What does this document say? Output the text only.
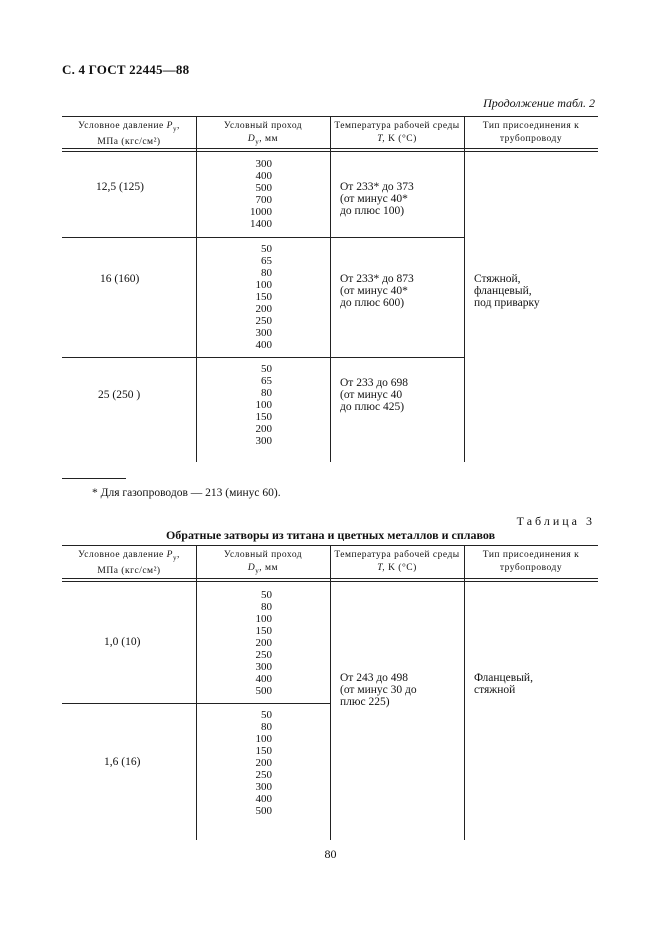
С. 4 ГОСТ 22445—88
Продолжение табл. 2
Условное давление $P_y$,
МПа (кгс/см²)
Условный проход
$D_y$, мм
Температура рабочей среды
T, K (°C)
Тип присоединения к
трубопроводу
12,5 (125)
300
400
500
700
1000
1400
От 233* до 373
(от минус 40*
до плюс 100)
16 (160)
50
65
80
100
150
200
250
300
400
От 233* до 873
(от минус 40*
до плюс 600)
Стяжной,
фланцевый,
под приварку
25 (250 )
50
65
80
100
150
200
300
От 233 до 698
(от минус 40
до плюс 425)
* Для газопроводов — 213 (минус 60).
Таблица 3
Обратные затворы из титана и цветных металлов и сплавов
Условное давление $P_y$,
МПа (кгс/см²)
Условный проход
$D_y$, мм
Температура рабочей среды
T, K (°C)
Тип присоединения к
трубопроводу
1,0 (10)
50
80
100
150
200
250
300
400
500
От 243 до 498
(от минус 30 до
плюс 225)
Фланцевый,
стяжной
1,6 (16)
50
80
100
150
200
250
300
400
500
80
